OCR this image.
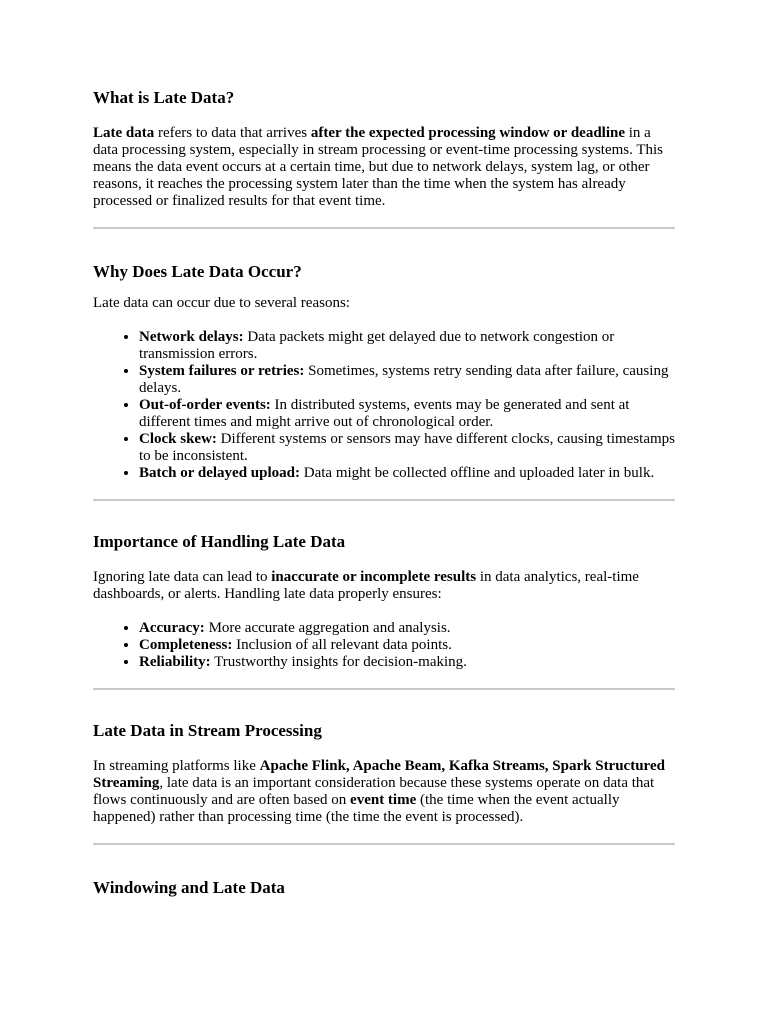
What is Late Data?

Late data refers to data that arrives after the expected processing window or deadline in a data processing system, especially in stream processing or event-time processing systems. This means the data event occurs at a certain time, but due to network delays, system lag, or other reasons, it reaches the processing system later than the time when the system has already processed or finalized results for that event time.

Why Does Late Data Occur?

Late data can occur due to several reasons:

• Network delays: Data packets might get delayed due to network congestion or transmission errors.
• System failures or retries: Sometimes, systems retry sending data after failure, causing delays.
• Out-of-order events: In distributed systems, events may be generated and sent at different times and might arrive out of chronological order.
• Clock skew: Different systems or sensors may have different clocks, causing timestamps to be inconsistent.
• Batch or delayed upload: Data might be collected offline and uploaded later in bulk.
Importance of Handling Late Data

Ignoring late data can lead to inaccurate or incomplete results in data analytics, real-time dashboards, or alerts. Handling late data properly ensures:

• Accuracy: More accurate aggregation and analysis.
• Completeness: Inclusion of all relevant data points.
• Reliability: Trustworthy insights for decision-making.
Late Data in Stream Processing

In streaming platforms like Apache Flink, Apache Beam, Kafka Streams, Spark Structured Streaming, late data is an important consideration because these systems operate on data that flows continuously and are often based on event time (the time when the event actually happened) rather than processing time (the time the event is processed).

Windowing and Late Data
